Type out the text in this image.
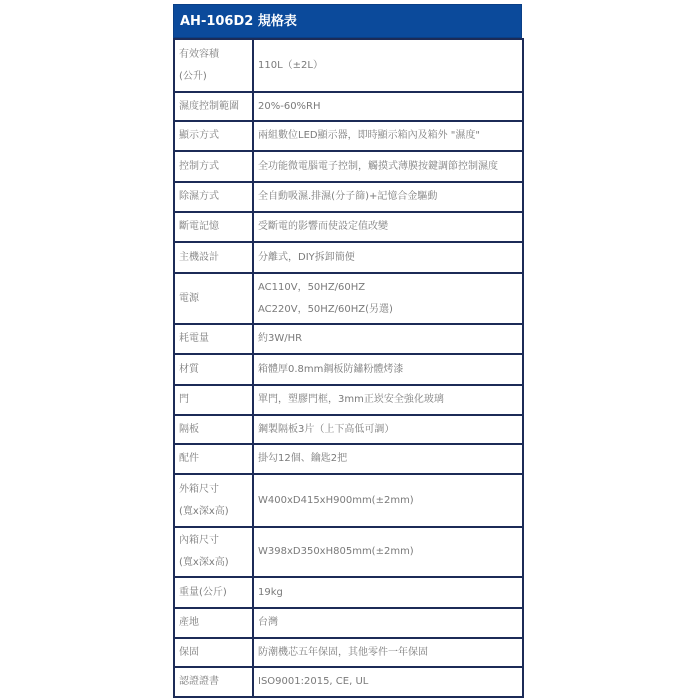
AH-106D2 規格表
有效容積
(公升)	110L（±2L）

濕度控制範圍	20%-60%RH

顯示方式	兩組數位LED顯示器，即時顯示箱內及箱外 "濕度"

控制方式	全功能微電腦電子控制，觸摸式薄膜按鍵調節控制濕度

除濕方式	全自動吸濕.排濕(分子篩)+記憶合金驅動

斷電記憶	受斷電的影響而使設定值改變

主機設計	分離式，DIY拆卸簡便

電源	AC110V，50HZ/60HZ
AC220V，50HZ/60HZ(另選)

耗電量	約3W/HR

材質	箱體厚0.8mm鋼板防鏽粉體烤漆

門	單門，塑膠門框，3mm正崁安全強化玻璃

隔板	鋼製隔板3片（上下高低可調）

配件	掛勾12個、鑰匙2把

外箱尺寸
(寬x深x高)	W400xD415xH900mm(±2mm)

內箱尺寸
(寬x深x高)	W398xD350xH805mm(±2mm)

重量(公斤)	19kg

產地	台灣

保固	防潮機芯五年保固，其他零件一年保固

認證證書	ISO9001:2015, CE, UL
